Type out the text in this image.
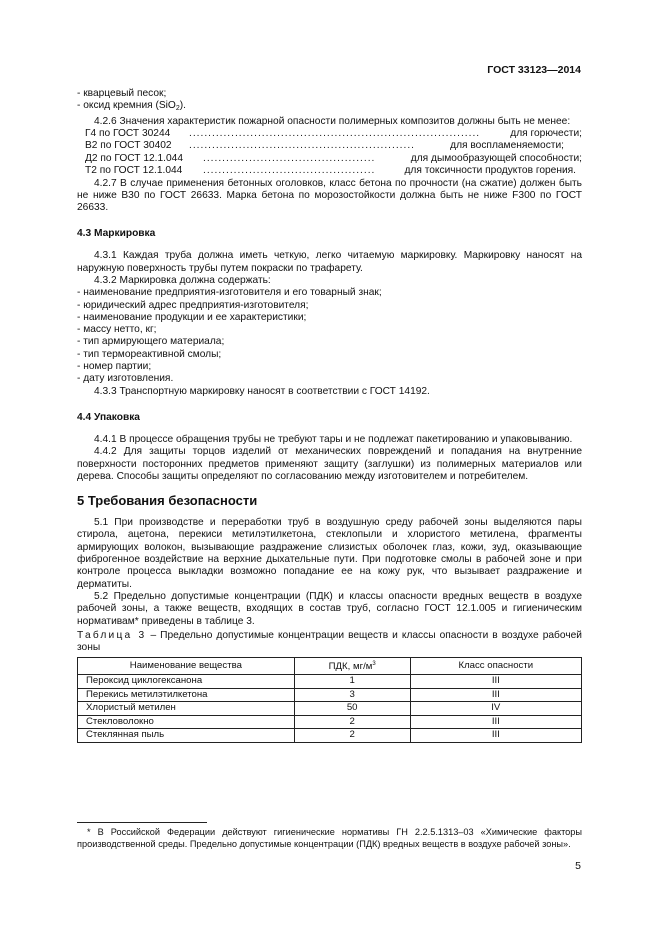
ГОСТ 33123—2014
- кварцевый песок;
- оксид кремния (SiO$_2$).
4.2.6 Значения характеристик пожарной опасности полимерных композитов должны быть не менее:
Г4 по ГОСТ 30244	............................................................................	для горючести;
В2 по ГОСТ 30402	...........................................................	для воспламеняемости;
Д2 по ГОСТ 12.1.044	.............................................	для дымообразующей способности;
Т2 по ГОСТ 12.1.044	.............................................	для токсичности продуктов горения.
4.2.7 В случае применения бетонных оголовков, класс бетона по прочности (на сжатие) должен быть не ниже В30 по ГОСТ 26633. Марка бетона по морозостойкости должна быть не ниже F300 по ГОСТ 26633.
4.3 Маркировка
4.3.1 Каждая труба должна иметь четкую, легко читаемую маркировку. Маркировку наносят на наружную поверхность трубы путем покраски по трафарету.
4.3.2 Маркировка должна содержать:
- наименование предприятия-изготовителя и его товарный знак;
- юридический адрес предприятия-изготовителя;
- наименование продукции и ее характеристики;
- массу нетто, кг;
- тип армирующего материала;
- тип термореактивной смолы;
- номер партии;
- дату изготовления.
4.3.3 Транспортную маркировку наносят в соответствии с ГОСТ 14192.
4.4 Упаковка
4.4.1 В процессе обращения трубы не требуют тары и не подлежат пакетированию и упаковыванию.
4.4.2 Для защиты торцов изделий от механических повреждений и попадания на внутренние поверхности посторонних предметов применяют защиту (заглушки) из полимерных материалов или дерева. Способы защиты определяют по согласованию между изготовителем и потребителем.
5 Требования безопасности
5.1 При производстве и переработки труб в воздушную среду рабочей зоны выделяются пары стирола, ацетона, перекиси метилэтилкетона, стеклопыли и хлористого метилена, фрагменты армирующих волокон, вызывающие раздражение слизистых оболочек глаз, кожи, зуд, оказывающие фиброгенное воздействие на верхние дыхательные пути. При подготовке смолы в рабочей зоне и при контроле процесса выкладки возможно попадание ее на кожу рук, что вызывает раздражение и дерматиты.
5.2 Предельно допустимые концентрации (ПДК) и классы опасности вредных веществ в воздухе рабочей зоны, а также веществ, входящих в состав труб, согласно ГОСТ 12.1.005 и гигиеническим нормативам* приведены в таблице 3.
Таблица 3 – Предельно допустимые концентрации веществ и классы опасности в воздухе рабочей зоны
Наименование вещества	ПДК, $мг/м^3$	Класс опасности
Пероксид циклогексанона	1	III
Перекись метилэтилкетона	3	III
Хлористый метилен	50	IV
Стекловолокно	2	III
Стеклянная пыль	2	III
* В Российской Федерации действуют гигиенические нормативы ГН 2.2.5.1313–03 «Химические факторы производственной среды. Предельно допустимые концентрации (ПДК) вредных веществ в воздухе рабочей зоны».
5
